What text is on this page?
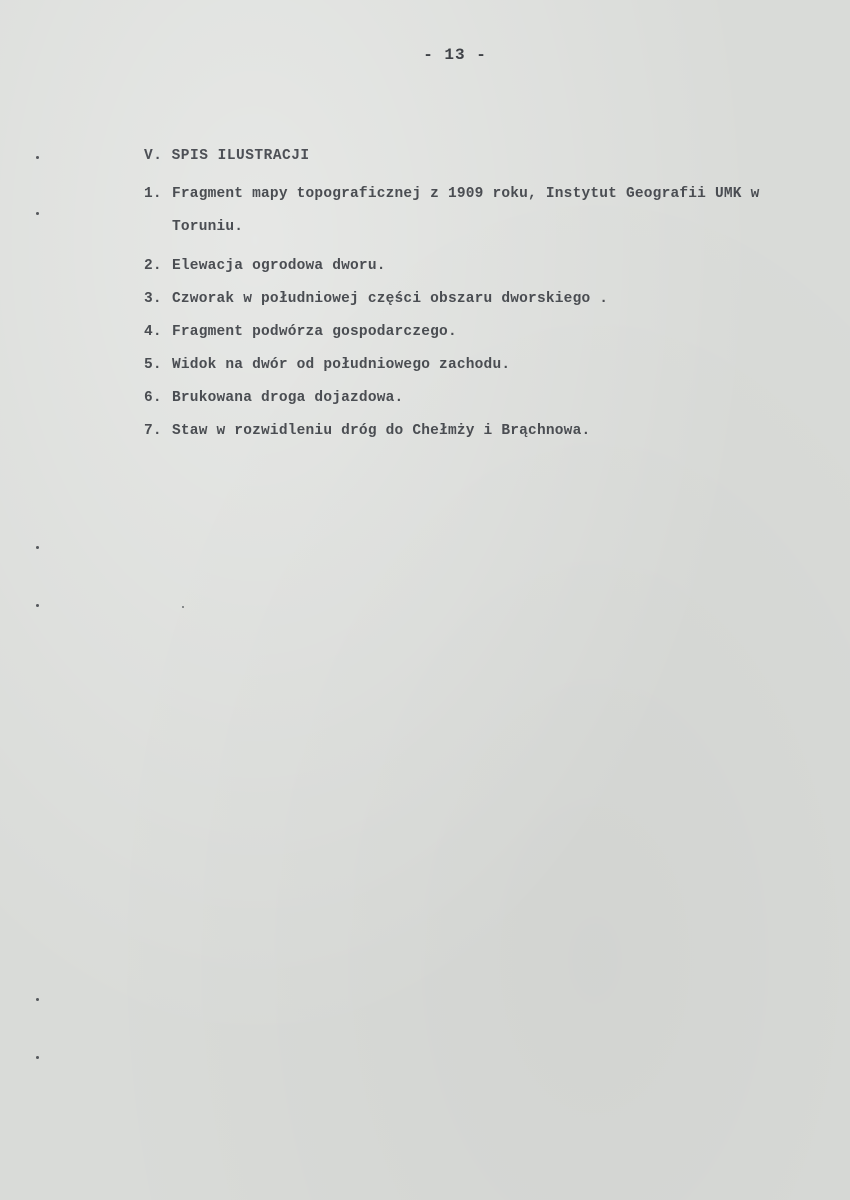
- 13 -
V. SPIS ILUSTRACJI
1. Fragment mapy topograficznej z 1909 roku, Instytut Geografii UMK w Toruniu.
2. Elewacja ogrodowa dworu.
3. Czworak w południowej części obszaru dworskiego .
4. Fragment podwórza gospodarczego.
5. Widok na dwór od południowego zachodu.
6. Brukowana droga dojazdowa.
7. Staw w rozwidleniu dróg do Chełmży i Brąchnowa.
